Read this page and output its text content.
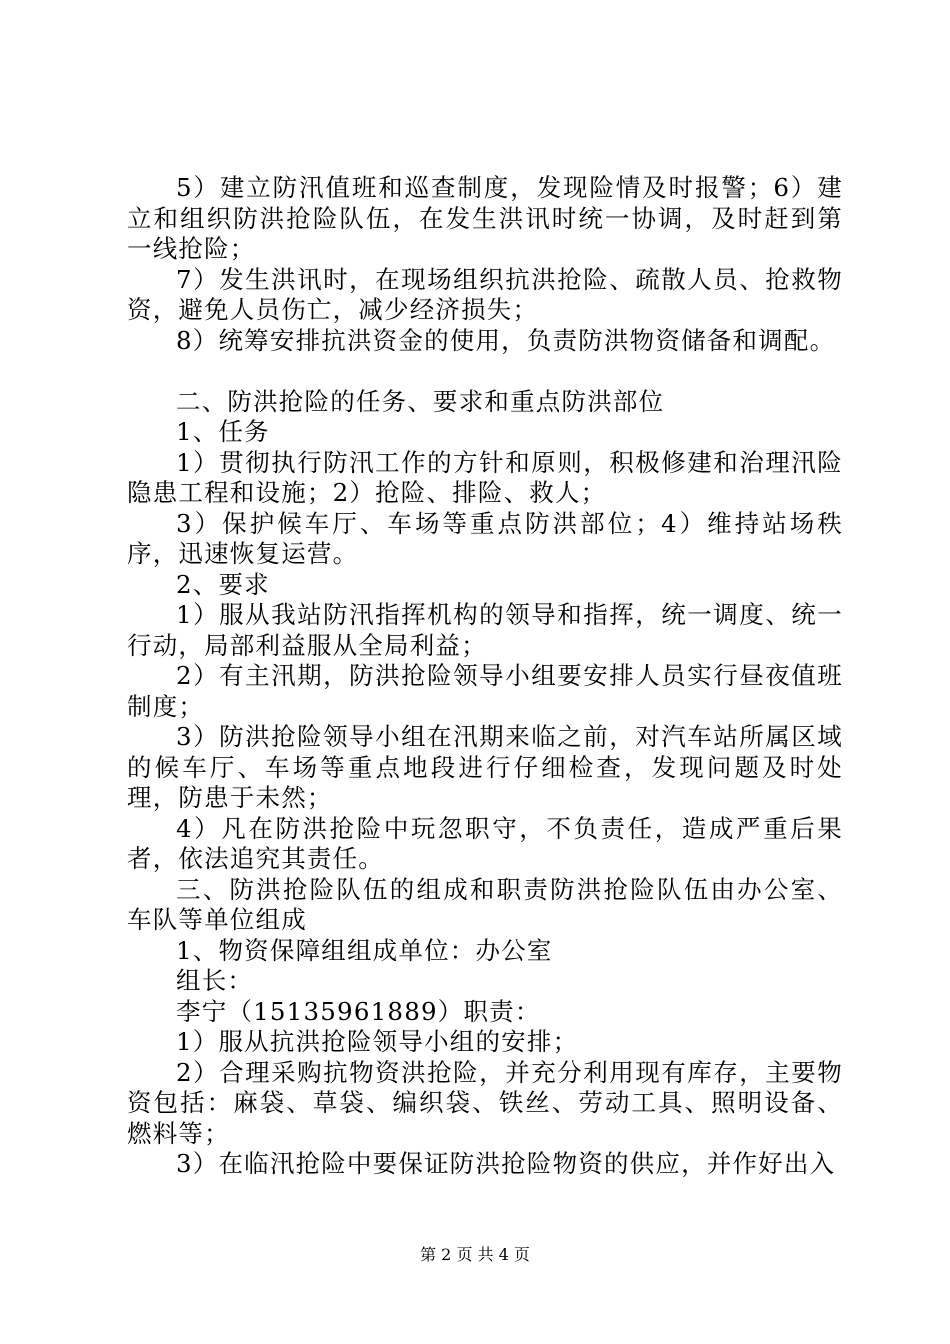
5）建立防汛值班和巡查制度，发现险情及时报警；6）建立和组织防洪抢险队伍，在发生洪讯时统一协调，及时赶到第一线抢险；

7）发生洪讯时，在现场组织抗洪抢险、疏散人员、抢救物资，避免人员伤亡，减少经济损失；

8）统筹安排抗洪资金的使用，负责防洪物资储备和调配。

二、防洪抢险的任务、要求和重点防洪部位

1、任务

1）贯彻执行防汛工作的方针和原则，积极修建和治理汛险隐患工程和设施；2）抢险、排险、救人；

3）保护候车厅、车场等重点防洪部位；4）维持站场秩序，迅速恢复运营。

2、要求

1）服从我站防汛指挥机构的领导和指挥，统一调度、统一行动，局部利益服从全局利益；

2）有主汛期，防洪抢险领导小组要安排人员实行昼夜值班制度；

3）防洪抢险领导小组在汛期来临之前，对汽车站所属区域的候车厅、车场等重点地段进行仔细检查，发现问题及时处理，防患于未然；

4）凡在防洪抢险中玩忽职守，不负责任，造成严重后果者，依法追究其责任。

三、防洪抢险队伍的组成和职责防洪抢险队伍由办公室、车队等单位组成

1、物资保障组组成单位：办公室

组长：

李宁（15135961889）职责：

1）服从抗洪抢险领导小组的安排；

2）合理采购抗物资洪抢险，并充分利用现有库存，主要物资包括：麻袋、草袋、编织袋、铁丝、劳动工具、照明设备、燃料等；

3）在临汛抢险中要保证防洪抢险物资的供应，并作好出入

第 2 页 共 4 页
